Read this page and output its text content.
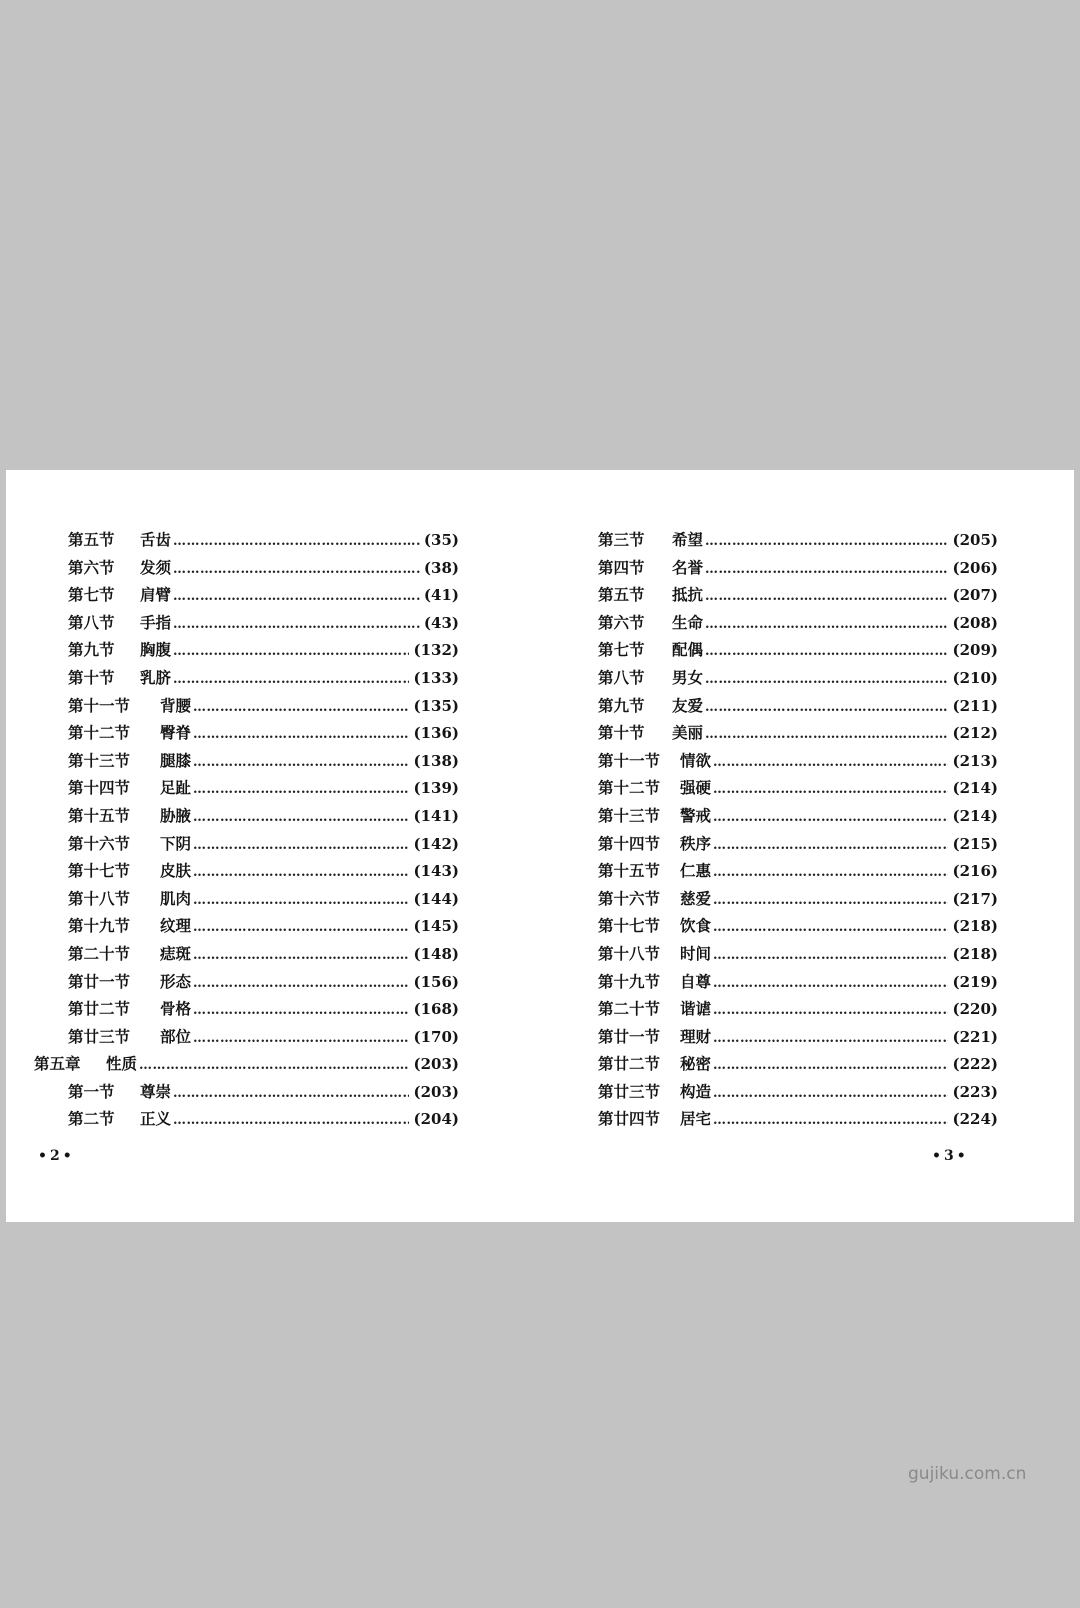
第五节	舌齿 ………………………………………………………………………………………………………………	(35)
第六节	发须 ………………………………………………………………………………………………………………	(38)
第七节	肩臂 ………………………………………………………………………………………………………………	(41)
第八节	手指 ………………………………………………………………………………………………………………	(43)
第九节	胸腹 ………………………………………………………………………………………………………………	(132)
第十节	乳脐 ………………………………………………………………………………………………………………	(133)
第十一节	背腰 ………………………………………………………………………………………………………………	(135)
第十二节	臀脊 ………………………………………………………………………………………………………………	(136)
第十三节	腿膝 ………………………………………………………………………………………………………………	(138)
第十四节	足趾 ………………………………………………………………………………………………………………	(139)
第十五节	胁腋 ………………………………………………………………………………………………………………	(141)
第十六节	下阴 ………………………………………………………………………………………………………………	(142)
第十七节	皮肤 ………………………………………………………………………………………………………………	(143)
第十八节	肌肉 ………………………………………………………………………………………………………………	(144)
第十九节	纹理 ………………………………………………………………………………………………………………	(145)
第二十节	痣斑 ………………………………………………………………………………………………………………	(148)
第廿一节	形态 ………………………………………………………………………………………………………………	(156)
第廿二节	骨格 ………………………………………………………………………………………………………………	(168)
第廿三节	部位 ………………………………………………………………………………………………………………	(170)
第五章	性质 ………………………………………………………………………………………………………………	(203)
第一节	尊崇 ………………………………………………………………………………………………………………	(203)
第二节	正义 ………………………………………………………………………………………………………………	(204)
第三节	希望 ………………………………………………………………………………………………………………	(205)
第四节	名誉 ………………………………………………………………………………………………………………	(206)
第五节	抵抗 ………………………………………………………………………………………………………………	(207)
第六节	生命 ………………………………………………………………………………………………………………	(208)
第七节	配偶 ………………………………………………………………………………………………………………	(209)
第八节	男女 ………………………………………………………………………………………………………………	(210)
第九节	友爱 ………………………………………………………………………………………………………………	(211)
第十节	美丽 ………………………………………………………………………………………………………………	(212)
第十一节	情欲 ………………………………………………………………………………………………………………	(213)
第十二节	强硬 ………………………………………………………………………………………………………………	(214)
第十三节	警戒 ………………………………………………………………………………………………………………	(214)
第十四节	秩序 ………………………………………………………………………………………………………………	(215)
第十五节	仁惠 ………………………………………………………………………………………………………………	(216)
第十六节	慈爱 ………………………………………………………………………………………………………………	(217)
第十七节	饮食 ………………………………………………………………………………………………………………	(218)
第十八节	时间 ………………………………………………………………………………………………………………	(218)
第十九节	自尊 ………………………………………………………………………………………………………………	(219)
第二十节	谐谑 ………………………………………………………………………………………………………………	(220)
第廿一节	理财 ………………………………………………………………………………………………………………	(221)
第廿二节	秘密 ………………………………………………………………………………………………………………	(222)
第廿三节	构造 ………………………………………………………………………………………………………………	(223)
第廿四节	居宅 ………………………………………………………………………………………………………………	(224)
•2•	•3•
gujiku.com.cn
